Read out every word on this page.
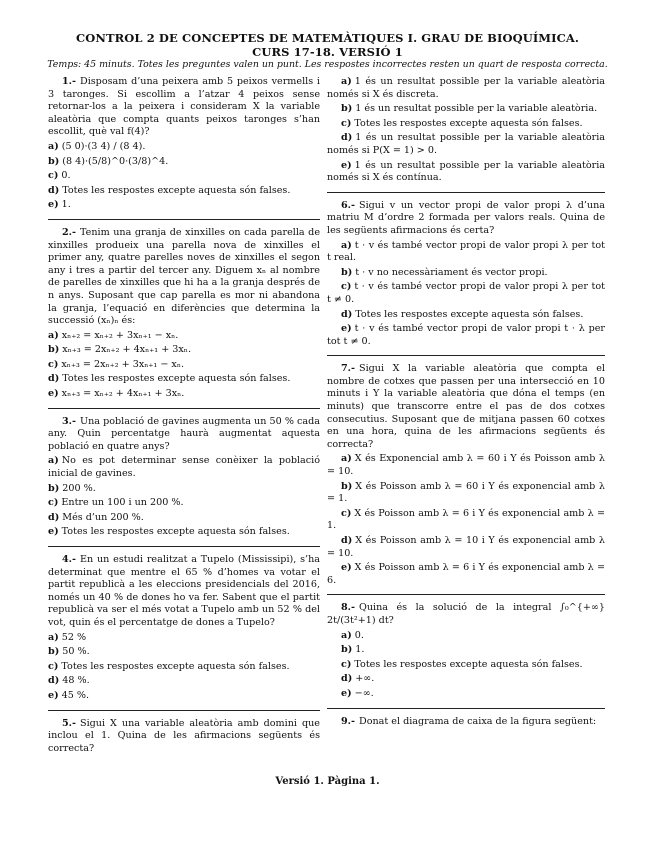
CONTROL 2 DE CONCEPTES DE MATEMÀTIQUES I. GRAU DE BIOQUÍMICA.
CURS 17-18. VERSIÓ 1
Temps: 45 minuts. Totes les preguntes valen un punt. Les respostes incorrectes resten un quart de resposta correcta.

1.- Disposam d’una peixera amb 5 peixos vermells i 3 taronges. Si escollim a l’atzar 4 peixos sense retornar-los a la peixera i consideram X la variable aleatòria que compta quants peixos taronges s’han escollit, què val f(4)?

a) (5 0)·(3 4) / (8 4).
b) (8 4)·(5/8)^0·(3/8)^4.
c) 0.
d) Totes les respostes excepte aquesta són falses.
e) 1.

2.- Tenim una granja de xinxilles on cada parella de xinxilles produeix una parella nova de xinxilles el primer any, quatre parelles noves de xinxilles el segon any i tres a partir del tercer any. Diguem xₙ al nombre de parelles de xinxilles que hi ha a la granja després de n anys. Suposant que cap parella es mor ni abandona la granja, l’equació en diferències que determina la successió (xₙ)ₙ és:

a) xₙ₊₂ = xₙ₊₂ + 3xₙ₊₁ − xₙ.
b) xₙ₊₃ = 2xₙ₊₂ + 4xₙ₊₁ + 3xₙ.
c) xₙ₊₃ = 2xₙ₊₂ + 3xₙ₊₁ − xₙ.
d) Totes les respostes excepte aquesta són falses.
e) xₙ₊₃ = xₙ₊₂ + 4xₙ₊₁ + 3xₙ.

3.- Una població de gavines augmenta un 50 % cada any. Quin percentatge haurà augmentat aquesta població en quatre anys?

a) No es pot determinar sense conèixer la població inicial de gavines.
b) 200 %.
c) Entre un 100 i un 200 %.
d) Més d’un 200 %.
e) Totes les respostes excepte aquesta són falses.

4.- En un estudi realitzat a Tupelo (Mississipi), s’ha determinat que mentre el 65 % d’homes va votar el partit republicà a les eleccions presidencials del 2016, només un 40 % de dones ho va fer. Sabent que el partit republicà va ser el més votat a Tupelo amb un 52 % del vot, quin és el percentatge de dones a Tupelo?

a) 52 %
b) 50 %.
c) Totes les respostes excepte aquesta són falses.
d) 48 %.
e) 45 %.

5.- Sigui X una variable aleatòria amb domini que inclou el 1. Quina de les afirmacions següents és correcta?

a) 1 és un resultat possible per la variable aleatòria només si X és discreta.
b) 1 és un resultat possible per la variable aleatòria.
c) Totes les respostes excepte aquesta són falses.
d) 1 és un resultat possible per la variable aleatòria només si P(X = 1) > 0.
e) 1 és un resultat possible per la variable aleatòria només si X és contínua.

6.- Sigui v un vector propi de valor propi λ d’una matriu M d’ordre 2 formada per valors reals. Quina de les següents afirmacions és certa?

a) t · v és també vector propi de valor propi λ per tot t real.
b) t · v no necessàriament és vector propi.
c) t · v és també vector propi de valor propi λ per tot t ≠ 0.
d) Totes les respostes excepte aquesta són falses.
e) t · v és també vector propi de valor propi t · λ per tot t ≠ 0.

7.- Sigui X la variable aleatòria que compta el nombre de cotxes que passen per una intersecció en 10 minuts i Y la variable aleatòria que dóna el temps (en minuts) que transcorre entre el pas de dos cotxes consecutius. Suposant que de mitjana passen 60 cotxes en una hora, quina de les afirmacions següents és correcta?

a) X és Exponencial amb λ = 60 i Y és Poisson amb λ = 10.
b) X és Poisson amb λ = 60 i Y és exponencial amb λ = 1.
c) X és Poisson amb λ = 6 i Y és exponencial amb λ = 1.
d) X és Poisson amb λ = 10 i Y és exponencial amb λ = 10.
e) X és Poisson amb λ = 6 i Y és exponencial amb λ = 6.

8.- Quina és la solució de la integral ∫₀^{+∞} 2t/(3t²+1) dt?

a) 0.
b) 1.
c) Totes les respostes excepte aquesta són falses.
d) +∞.
e) −∞.

9.- Donat el diagrama de caixa de la figura següent:

Versió 1. Pàgina 1.
